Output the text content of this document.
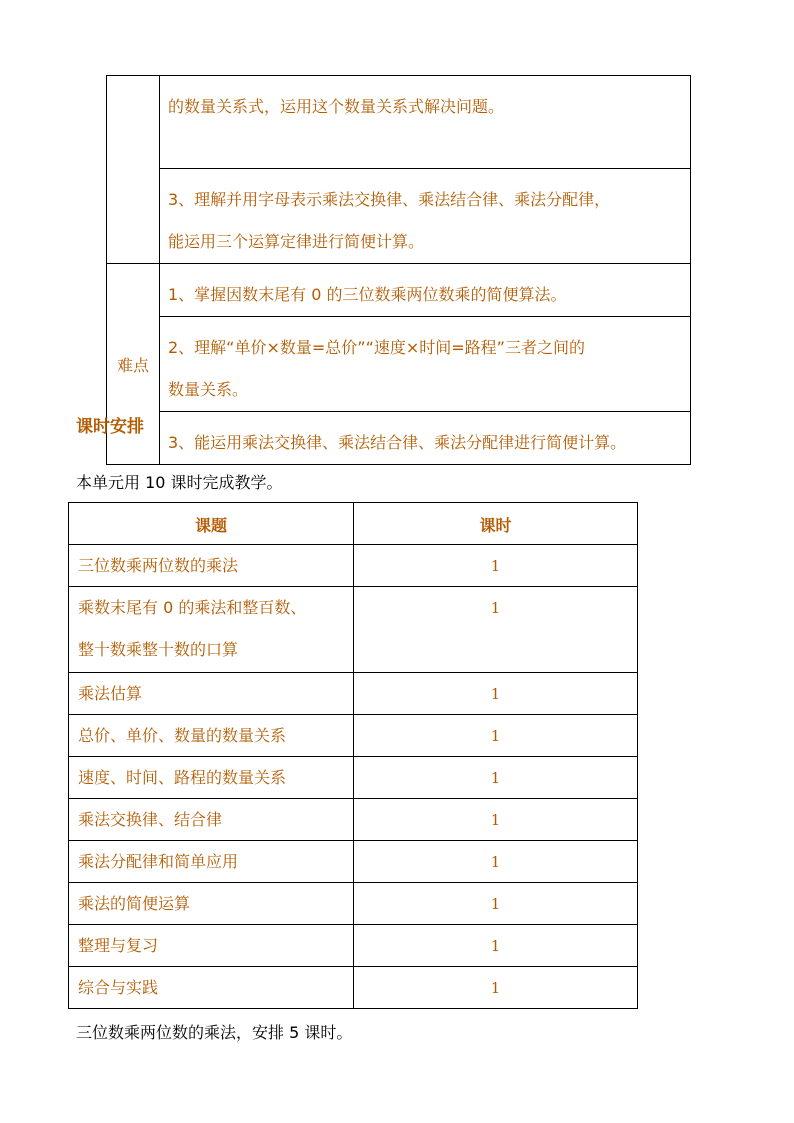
	的数量关系式，运用这个数量关系式解决问题。

	3、理解并用字母表示乘法交换律、乘法结合律、乘法分配律，

能运用三个运算定律进行简便计算。

难点	1、掌握因数末尾有 0 的三位数乘两位数乘的简便算法。

	2、理解“单价×数量=总价”“速度×时间=路程”三者之间的

数量关系。

	3、能运用乘法交换律、乘法结合律、乘法分配律进行简便计算。

课时安排

本单元用 10 课时完成教学。

课题	课时
三位数乘两位数的乘法	1

乘数末尾有 0 的乘法和整百数、
整十数乘整十数的口算	1
乘法估算	1
总价、单价、数量的数量关系	1
速度、时间、路程的数量关系	1
乘法交换律、结合律	1
乘法分配律和简单应用	1
乘法的简便运算	1
整理与复习	1
综合与实践	1

三位数乘两位数的乘法，安排 5 课时。
